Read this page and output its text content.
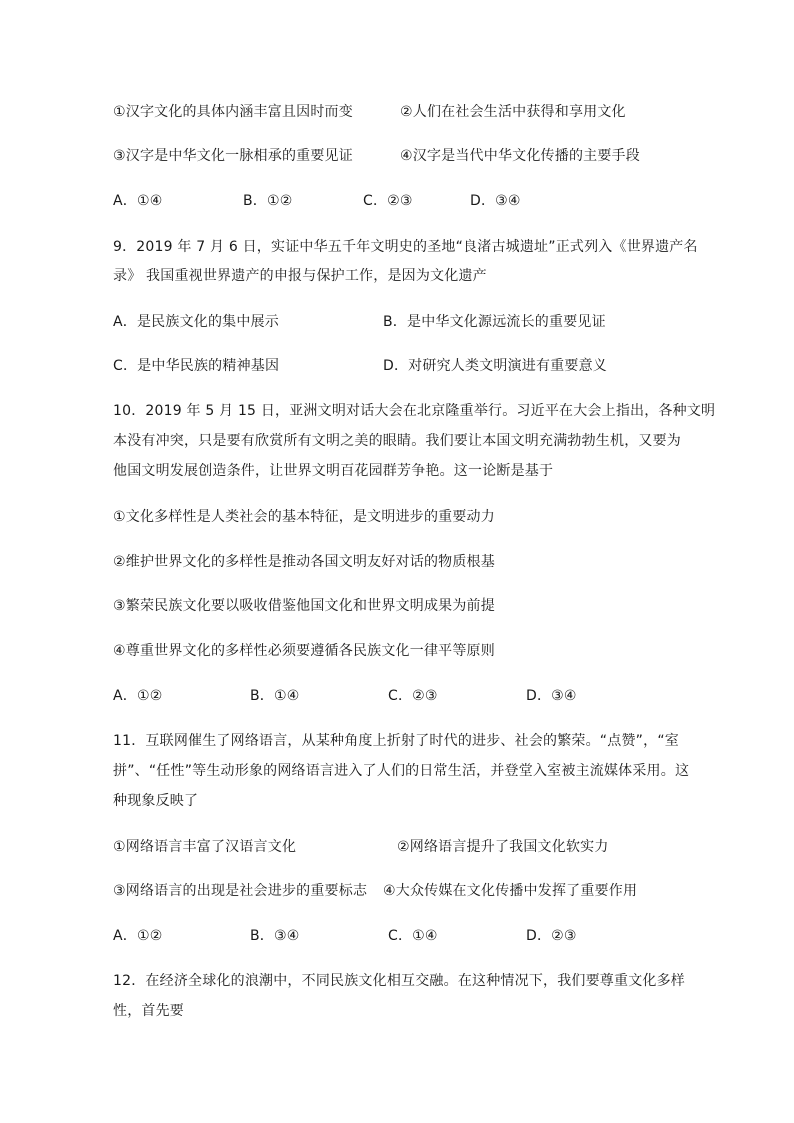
①汉字文化的具体内涵丰富且因时而变	②人们在社会生活中获得和享用文化
③汉字是中华文化一脉相承的重要见证	④汉字是当代中华文化传播的主要手段
A．①④	B．①②	C．②③	D．③④
9．2019 年 7 月 6 日，实证中华五千年文明史的圣地“良渚古城遗址”正式列入《世界遗产名
录》 我国重视世界遗产的申报与保护工作，是因为文化遗产
A．是民族文化的集中展示	B．是中华文化源远流长的重要见证
C．是中华民族的精神基因	D．对研究人类文明演进有重要意义
10．2019 年 5 月 15 日，亚洲文明对话大会在北京隆重举行。习近平在大会上指出，各种文明
本没有冲突，只是要有欣赏所有文明之美的眼睛。我们要让本国文明充满勃勃生机，又要为
他国文明发展创造条件，让世界文明百花园群芳争艳。这一论断是基于
①文化多样性是人类社会的基本特征，是文明进步的重要动力
②维护世界文化的多样性是推动各国文明友好对话的物质根基
③繁荣民族文化要以吸收借鉴他国文化和世界文明成果为前提
④尊重世界文化的多样性必须要遵循各民族文化一律平等原则
A．①②	B．①④	C．②③	D．③④
11．互联网催生了网络语言，从某种角度上折射了时代的进步、社会的繁荣。“点赞”，“室
拼”、“任性”等生动形象的网络语言进入了人们的日常生活，并登堂入室被主流媒体采用。这
种现象反映了
①网络语言丰富了汉语言文化	②网络语言提升了我国文化软实力
③网络语言的出现是社会进步的重要标志 ④大众传媒在文化传播中发挥了重要作用
A．①②	B．③④	C．①④	D．②③
12．在经济全球化的浪潮中，不同民族文化相互交融。在这种情况下，我们要尊重文化多样
性，首先要
